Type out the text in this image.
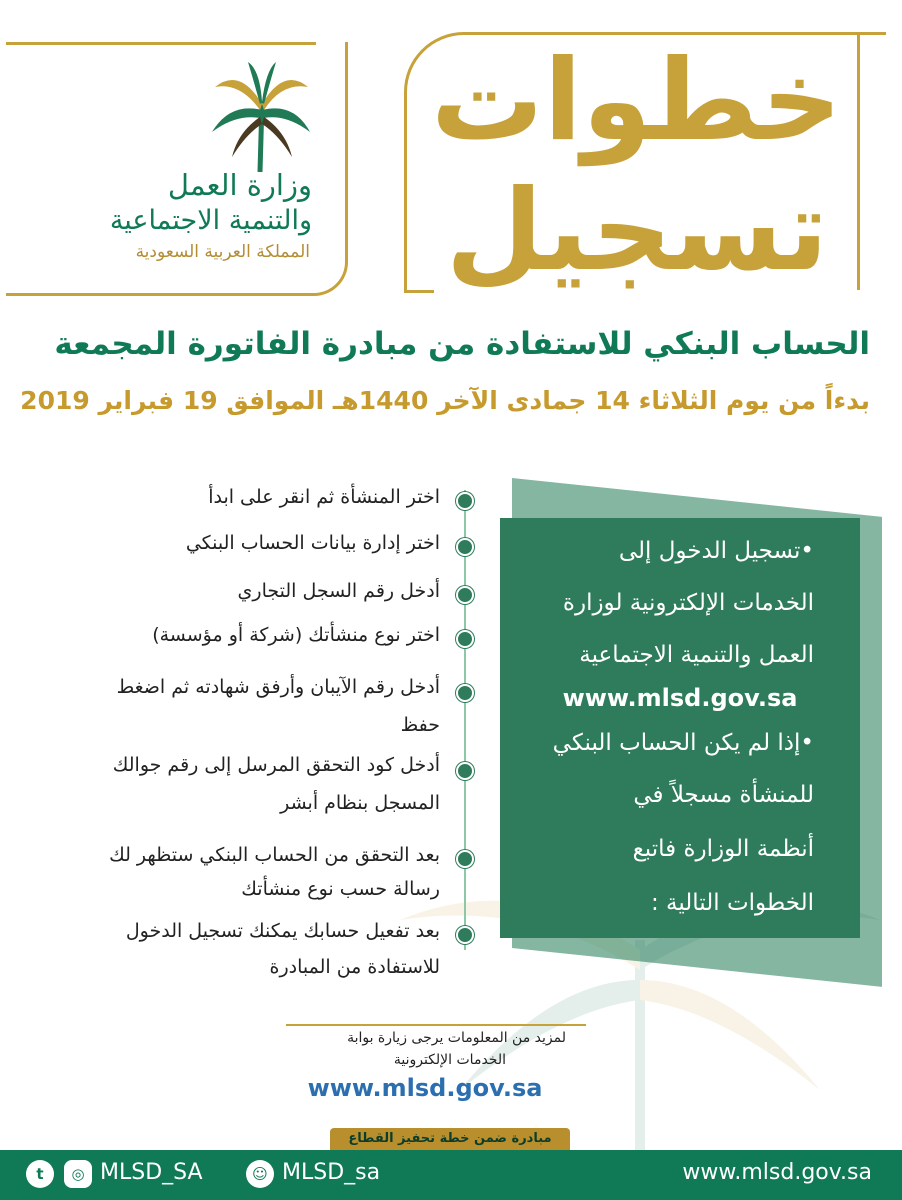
وزارة العمل
والتنمية الاجتماعية
المملكة العربية السعودية
خطوات
تسجيل
الحساب البنكي للاستفادة من مبادرة الفاتورة المجمعة
بدءاً من يوم الثلاثاء 14 جمادى الآخر 1440هـ الموافق 19 فبراير 2019
•تسجيل الدخول إلى
الخدمات الإلكترونية لوزارة
العمل والتنمية الاجتماعية
www.mlsd.gov.sa
•إذا لم يكن الحساب البنكي
للمنشأة مسجلاً في
أنظمة الوزارة فاتبع
الخطوات التالية :
اختر المنشأة ثم انقر على ابدأ
اختر إدارة بيانات الحساب البنكي
أدخل رقم السجل التجاري
اختر نوع منشأتك (شركة أو مؤسسة)
أدخل رقم الآيبان وأرفق شهادته ثم اضغط
حفظ
أدخل كود التحقق المرسل إلى رقم جوالك
المسجل بنظام أبشر
بعد التحقق من الحساب البنكي ستظهر لك
رسالة حسب نوع منشأتك
بعد تفعيل حسابك يمكنك تسجيل الدخول
للاستفادة من المبادرة
لمزيد من المعلومات يرجى زيارة بوابة
الخدمات الإلكترونية
www.mlsd.gov.sa
مبادرة ضمن خطة تحفيز القطاع
t	◎ MLSD_SA	☺ MLSD_sa	www.mlsd.gov.sa
